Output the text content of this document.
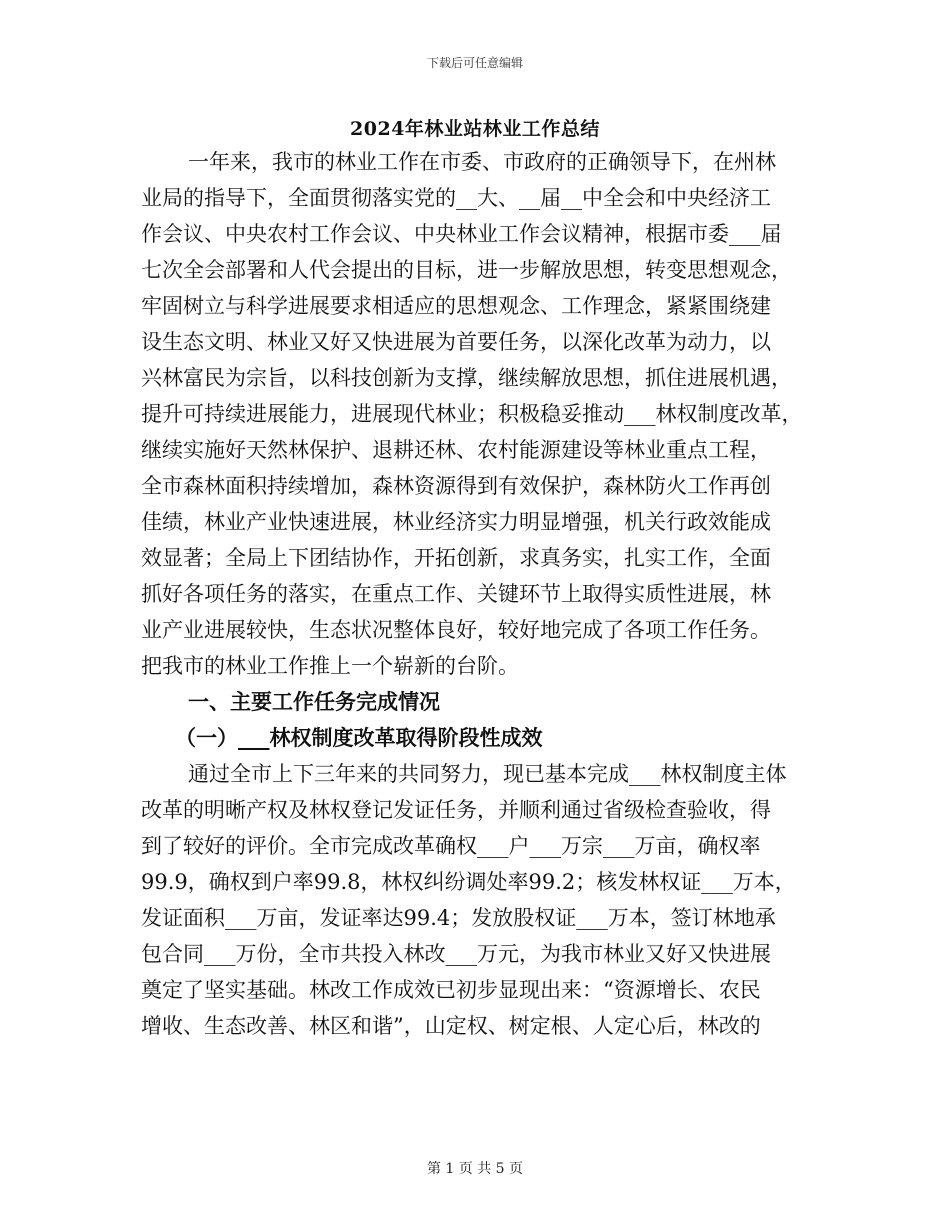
下载后可任意编辑
2024年林业站林业工作总结
一年来，我市的林业工作在市委、市政府的正确领导下，在州林
业局的指导下，全面贯彻落实党的__大、__届__中全会和中央经济工
作会议、中央农村工作会议、中央林业工作会议精神，根据市委___届
七次全会部署和人代会提出的目标，进一步解放思想，转变思想观念，
牢固树立与科学进展要求相适应的思想观念、工作理念，紧紧围绕建
设生态文明、林业又好又快进展为首要任务，以深化改革为动力，以
兴林富民为宗旨，以科技创新为支撑，继续解放思想，抓住进展机遇，
提升可持续进展能力，进展现代林业；积极稳妥推动___林权制度改革，
继续实施好天然林保护、退耕还林、农村能源建设等林业重点工程，
全市森林面积持续增加，森林资源得到有效保护，森林防火工作再创
佳绩，林业产业快速进展，林业经济实力明显增强，机关行政效能成
效显著；全局上下团结协作，开拓创新，求真务实，扎实工作，全面
抓好各项任务的落实，在重点工作、关键环节上取得实质性进展，林
业产业进展较快，生态状况整体良好，较好地完成了各项工作任务。
把我市的林业工作推上一个崭新的台阶。
一、主要工作任务完成情况
（一）___林权制度改革取得阶段性成效
通过全市上下三年来的共同努力，现已基本完成___林权制度主体
改革的明晰产权及林权登记发证任务，并顺利通过省级检查验收，得
到了较好的评价。全市完成改革确权___户___万宗___万亩，确权率
99.9，确权到户率99.8，林权纠纷调处率99.2；核发林权证___万本，
发证面积___万亩，发证率达99.4；发放股权证___万本，签订林地承
包合同___万份，全市共投入林改___万元，为我市林业又好又快进展
奠定了坚实基础。林改工作成效已初步显现出来：“资源增长、农民
增收、生态改善、林区和谐”，山定权、树定根、人定心后，林改的
第 1 页 共 5 页
